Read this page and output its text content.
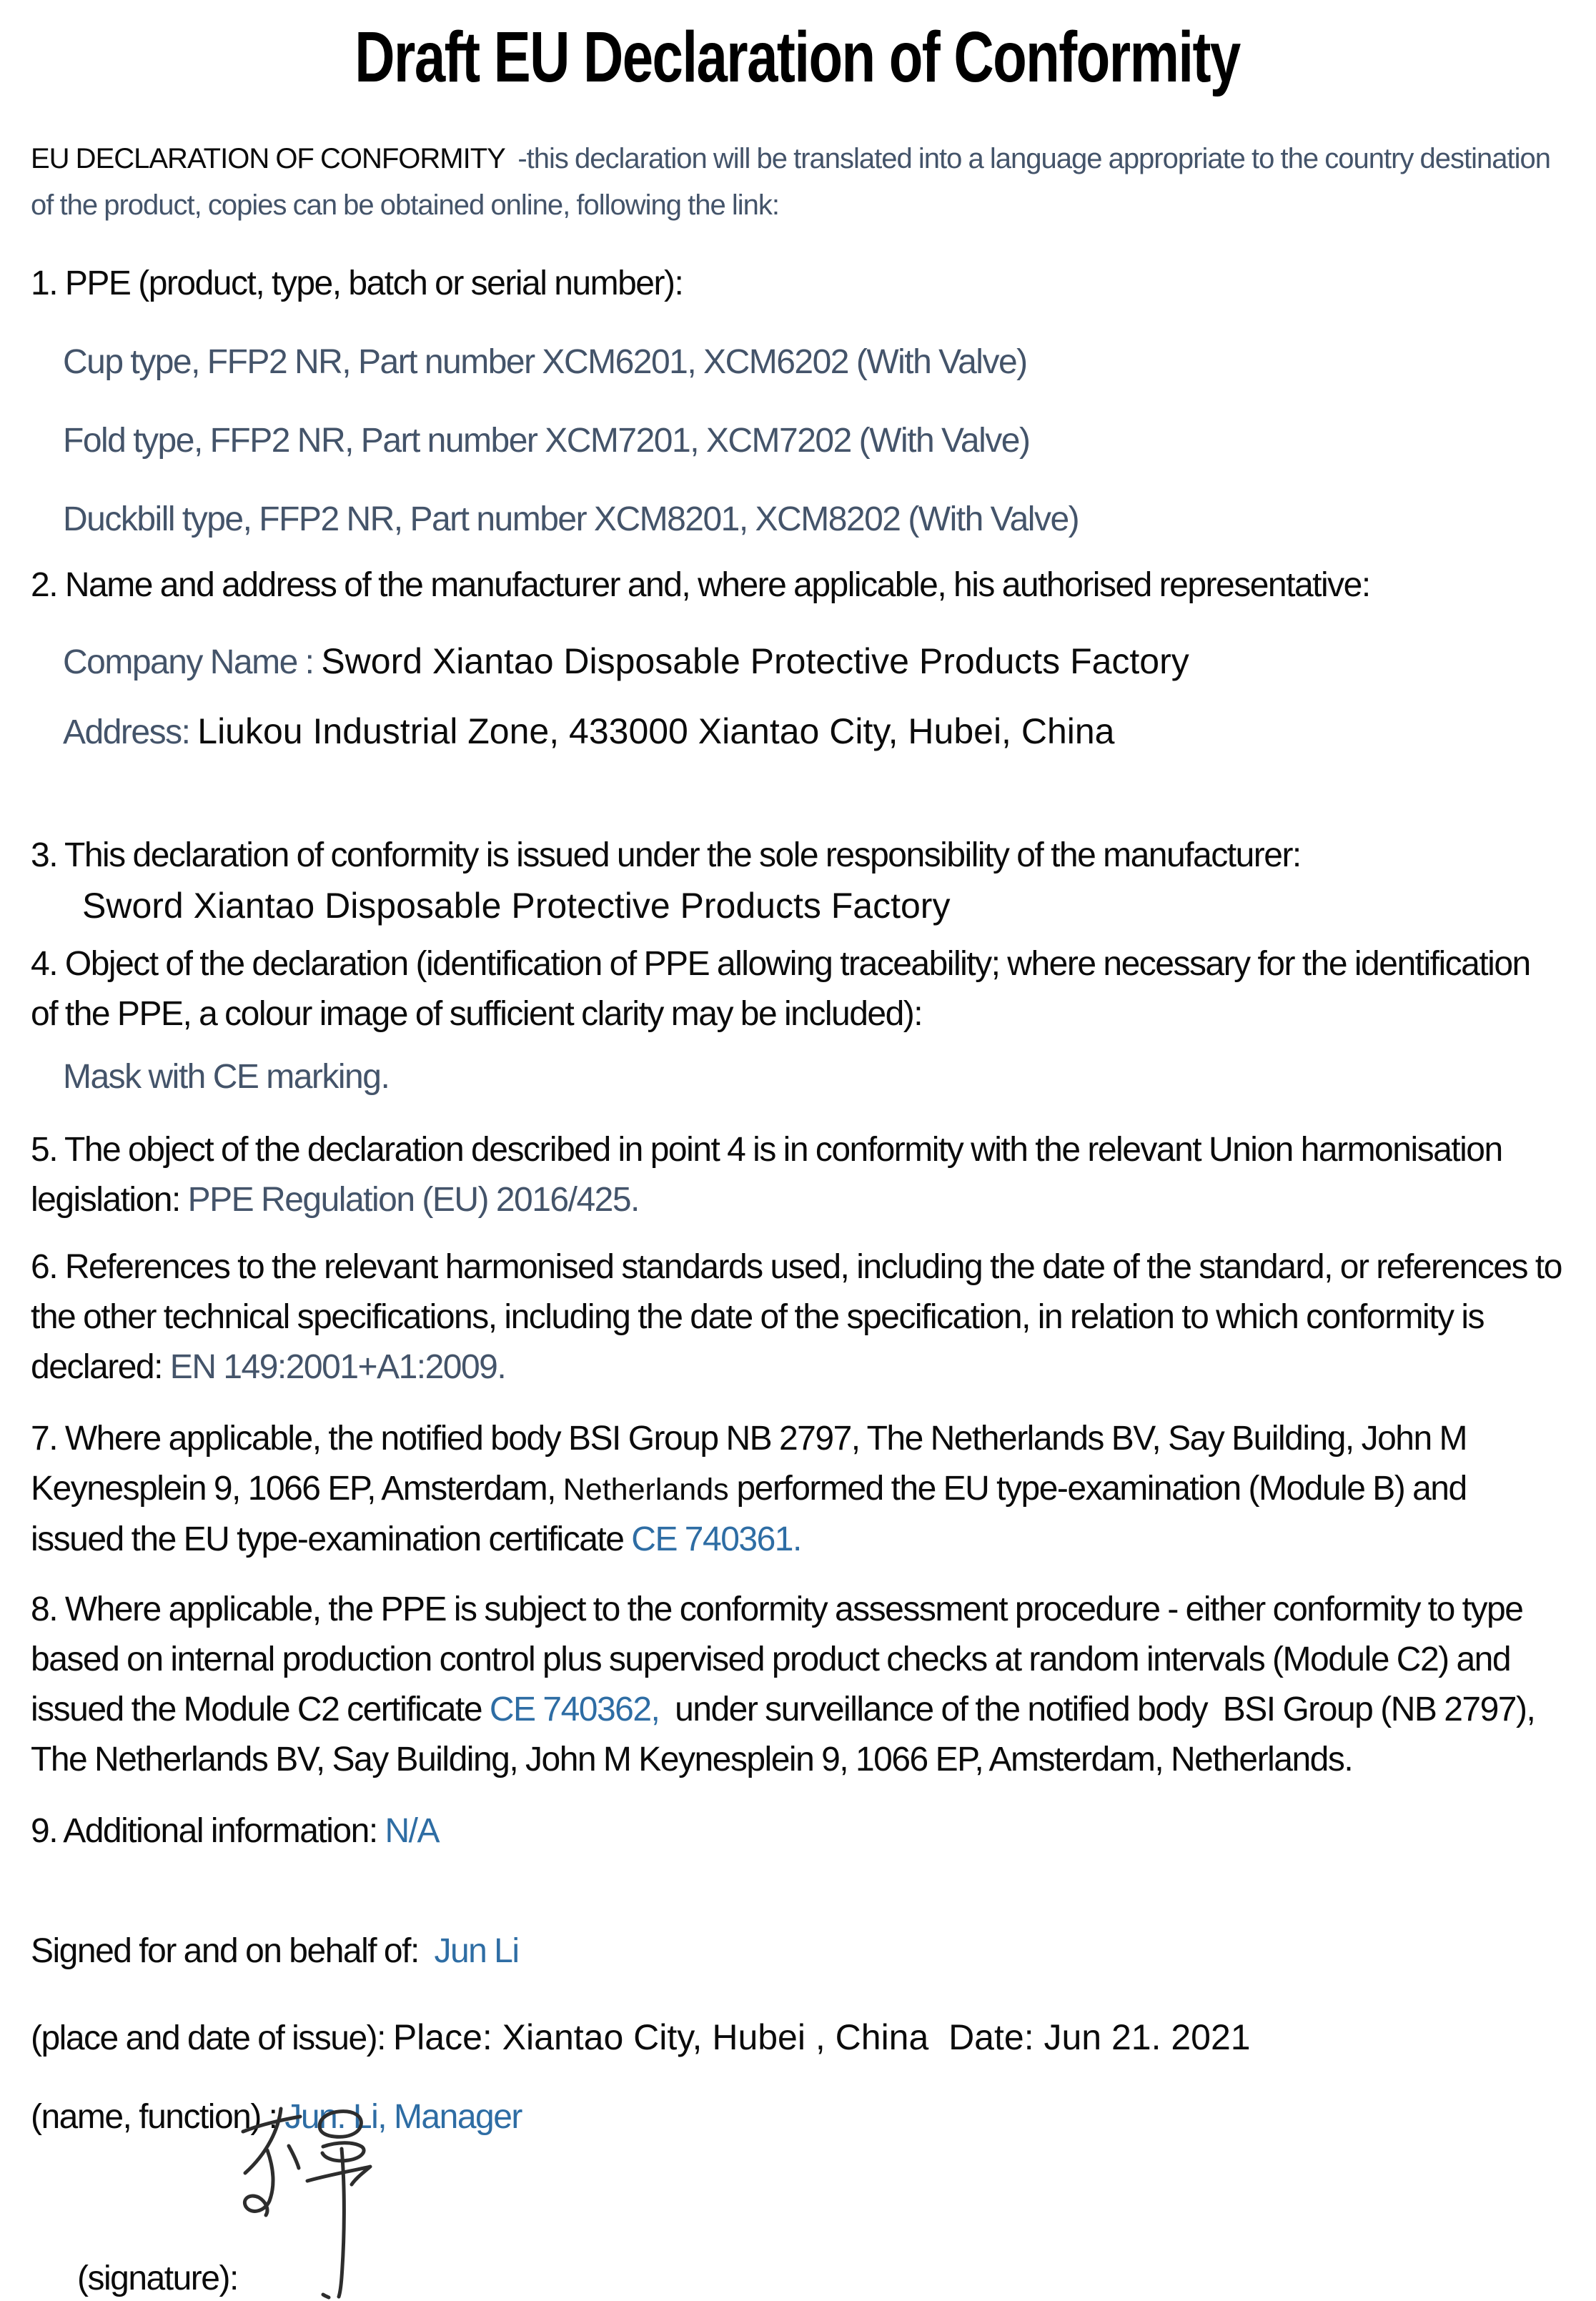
Draft EU Declaration of Conformity

EU DECLARATION OF CONFORMITY  -this declaration will be translated into a language appropriate to the country destination of the product, copies can be obtained online, following the link:

1. PPE (product, type, batch or serial number):

Cup type, FFP2 NR, Part number XCM6201, XCM6202 (With Valve)

Fold type, FFP2 NR, Part number XCM7201, XCM7202 (With Valve)

Duckbill type, FFP2 NR, Part number XCM8201, XCM8202 (With Valve)

2. Name and address of the manufacturer and, where applicable, his authorised representative:

Company Name : Sword Xiantao Disposable Protective Products Factory

Address: Liukou Industrial Zone, 433000 Xiantao City, Hubei, China

3. This declaration of conformity is issued under the sole responsibility of the manufacturer:

Sword Xiantao Disposable Protective Products Factory

4. Object of the declaration (identification of PPE allowing traceability; where necessary for the identification of the PPE, a colour image of sufficient clarity may be included):

Mask with CE marking.

5. The object of the declaration described in point 4 is in conformity with the relevant Union harmonisation legislation: PPE Regulation (EU) 2016/425.

6. References to the relevant harmonised standards used, including the date of the standard, or references to the other technical specifications, including the date of the specification, in relation to which conformity is declared: EN 149:2001+A1:2009.

7. Where applicable, the notified body BSI Group NB 2797, The Netherlands BV, Say Building, John M Keynesplein 9, 1066 EP, Amsterdam, Netherlands performed the EU type-examination (Module B) and issued the EU type-examination certificate CE 740361.

8. Where applicable, the PPE is subject to the conformity assessment procedure - either conformity to type based on internal production control plus supervised product checks at random intervals (Module C2) and issued the Module C2 certificate CE 740362,  under surveillance of the notified body  BSI Group (NB 2797), The Netherlands BV, Say Building, John M Keynesplein 9, 1066 EP, Amsterdam, Netherlands.

9. Additional information: N/A

Signed for and on behalf of:  Jun Li

(place and date of issue): Place: Xiantao City, Hubei , China  Date: Jun 21. 2021

(name, function) : Jun. Li, Manager

(signature):
